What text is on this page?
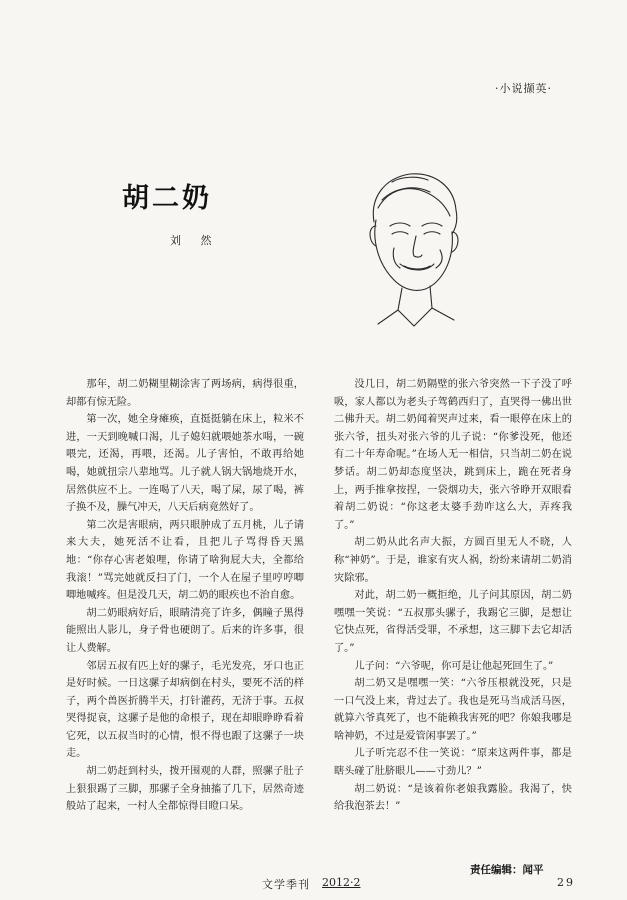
·小说撷英·
胡二奶
刘 然

那年，胡二奶糊里糊涂害了两场病，病得很重，却都有惊无险。

第一次，她全身瘫痪，直挺挺躺在床上，粒米不进，一天到晚喊口渴，儿子媳妇就喂她茶水喝，一碗喂完，还渴，再喂，还渴。儿子害怕，不敢再给她喝，她就扭宗八辈地骂。儿子就人锅大锅地烧开水，居然供应不上。一连喝了八天，喝了屎，尿了喝，裤子换不及，臊气冲天，八天后病竟然好了。

第二次是害眼病，两只眼肿成了五月桃，儿子请来大夫，她死活不让看，且把儿子骂得昏天黑地：“你存心害老娘哩，你请了啥狗屁大夫，全都给我滚！”骂完她就反扫了门，一个人在屋子里哼哼唧唧地喊疼。但是没几天，胡二奶的眼疾也不治自愈。

胡二奶眼病好后，眼睛清亮了许多，偶瞳子黑得能照出人影儿，身子骨也硬朗了。后来的许多事，很让人费解。

邻居五叔有匹上好的骡子，毛光发亮，牙口也正是好时候。一日这骡子却病倒在村头，要死不活的样子，两个兽医折腾半天，打针灌药，无济于事。五叔哭得捉哀，这骡子是他的命根子，现在却眼睁睁看着它死，以五叔当时的心情，恨不得也跟了这骡子一块走。

胡二奶赶到村头，拨开围观的人群，照骡子肚子上狠狠踢了三脚，那骡子全身抽搐了几下，居然奇迹般站了起来，一村人全都惊得目瞪口呆。

没几日，胡二奶隔壁的张六爷突然一下子没了呼吸，家人都以为老头子驾鹤西归了，直哭得一佛出世二佛升天。胡二奶闻着哭声过来，看一眼停在床上的张六爷，扭头对张六爷的儿子说：“你爹没死，他还有二十年寿命呢。”在场人无一相信，只当胡二奶在说梦话。胡二奶却态度坚决，跳到床上，跪在死者身上，两手推拿按捏，一袋烟功夫，张六爷睁开双眼看着胡二奶说：“你这老太婆手劲咋这么大，弄疼我了。”

胡二奶从此名声大振，方圆百里无人不晓，人称“神奶”。于是，谁家有灾人祸，纷纷来请胡二奶消灾除邪。

对此，胡二奶一概拒绝，儿子问其原因，胡二奶嘿嘿一笑说：“五叔那头骡子，我踢它三脚，是想让它快点死，省得活受罪，不承想，这三脚下去它却活了。”

儿子问：“六爷呢，你可是让他起死回生了。”

胡二奶又是嘿嘿一笑：“六爷压根就没死，只是一口气没上来，背过去了。我也是死马当成活马医，就算六爷真死了，也不能赖我害死的吧？你娘我哪是啥神奶，不过是爱管闲事罢了。”

儿子听完忍不住一笑说：“原来这两件事，都是瞎头碰了肚脐眼儿——寸劲儿？”

胡二奶说：“是该着你老娘我露脸。我渴了，快给我泡茶去！”

责任编辑：闻平
文学季刊 2012·2	29
